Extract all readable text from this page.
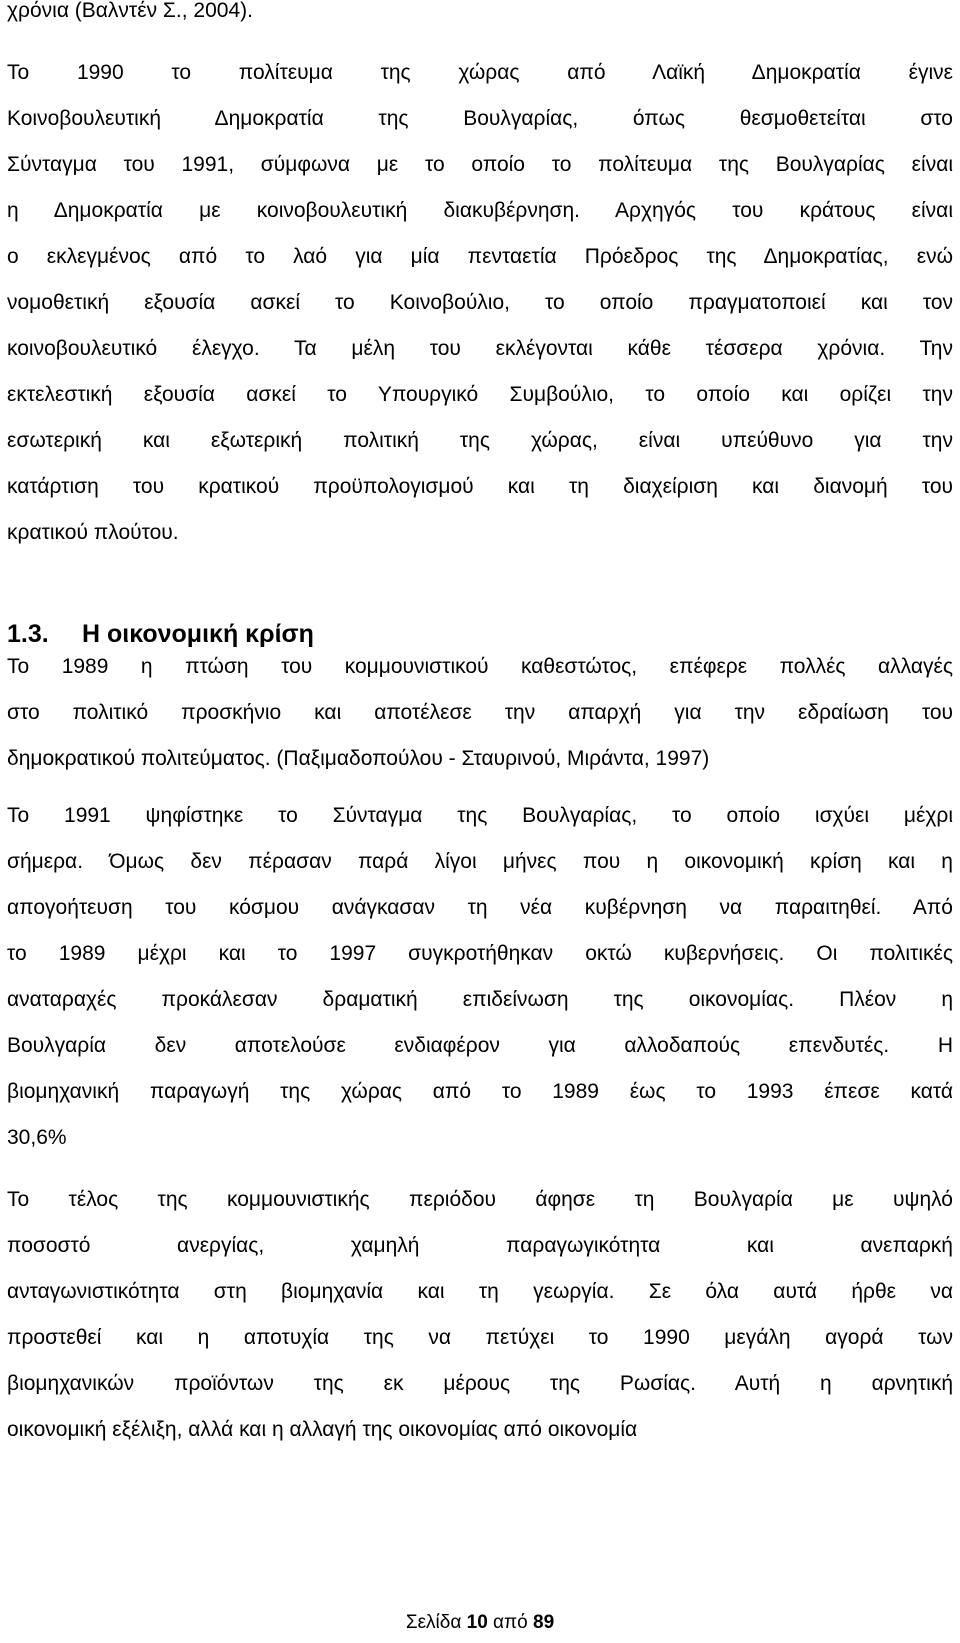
χρόνια (Βαλντέν Σ., 2004).

Το 1990 το πολίτευμα της χώρας από Λαϊκή Δημοκρατία έγινε
Κοινοβουλευτική Δημοκρατία της Βουλγαρίας, όπως θεσμοθετείται στο
Σύνταγμα του 1991, σύμφωνα με το οποίο το πολίτευμα της Βουλγαρίας είναι
η Δημοκρατία με κοινοβουλευτική διακυβέρνηση. Αρχηγός του κράτους είναι
ο εκλεγμένος από το λαό για μία πενταετία Πρόεδρος της Δημοκρατίας, ενώ
νομοθετική εξουσία ασκεί το Κοινοβούλιο, το οποίο πραγματοποιεί και τον
κοινοβουλευτικό έλεγχο. Τα μέλη του εκλέγονται κάθε τέσσερα χρόνια. Την
εκτελεστική εξουσία ασκεί το Υπουργικό Συμβούλιο, το οποίο και ορίζει την
εσωτερική και εξωτερική πολιτική της χώρας, είναι υπεύθυνο για την
κατάρτιση του κρατικού προϋπολογισμού και τη διαχείριση και διανομή του
κρατικού πλούτου.

1.3. Η οικονομική κρίση

Το 1989 η πτώση του κομμουνιστικού καθεστώτος, επέφερε πολλές αλλαγές
στο πολιτικό προσκήνιο και αποτέλεσε την απαρχή για την εδραίωση του
δημοκρατικού πολιτεύματος. (Παξιμαδοπούλου - Σταυρινού, Μιράντα, 1997)

Το 1991 ψηφίστηκε το Σύνταγμα της Βουλγαρίας, το οποίο ισχύει μέχρι
σήμερα. Όμως δεν πέρασαν παρά λίγοι μήνες που η οικονομική κρίση και η
απογοήτευση του κόσμου ανάγκασαν τη νέα κυβέρνηση να παραιτηθεί. Από
το 1989 μέχρι και το 1997 συγκροτήθηκαν οκτώ κυβερνήσεις. Οι πολιτικές
αναταραχές προκάλεσαν δραματική επιδείνωση της οικονομίας. Πλέον η
Βουλγαρία δεν αποτελούσε ενδιαφέρον για αλλοδαπούς επενδυτές. Η
βιομηχανική παραγωγή της χώρας από το 1989 έως το 1993 έπεσε κατά
30,6%

Το τέλος της κομμουνιστικής περιόδου άφησε τη Βουλγαρία με υψηλό
ποσοστό ανεργίας, χαμηλή παραγωγικότητα και ανεπαρκή
ανταγωνιστικότητα στη βιομηχανία και τη γεωργία. Σε όλα αυτά ήρθε να
προστεθεί και η αποτυχία της να πετύχει το 1990 μεγάλη αγορά των
βιομηχανικών προϊόντων της εκ μέρους της Ρωσίας. Αυτή η αρνητική
οικονομική εξέλιξη, αλλά και η αλλαγή της οικονομίας από οικονομία

Σελίδα 10 από 89
